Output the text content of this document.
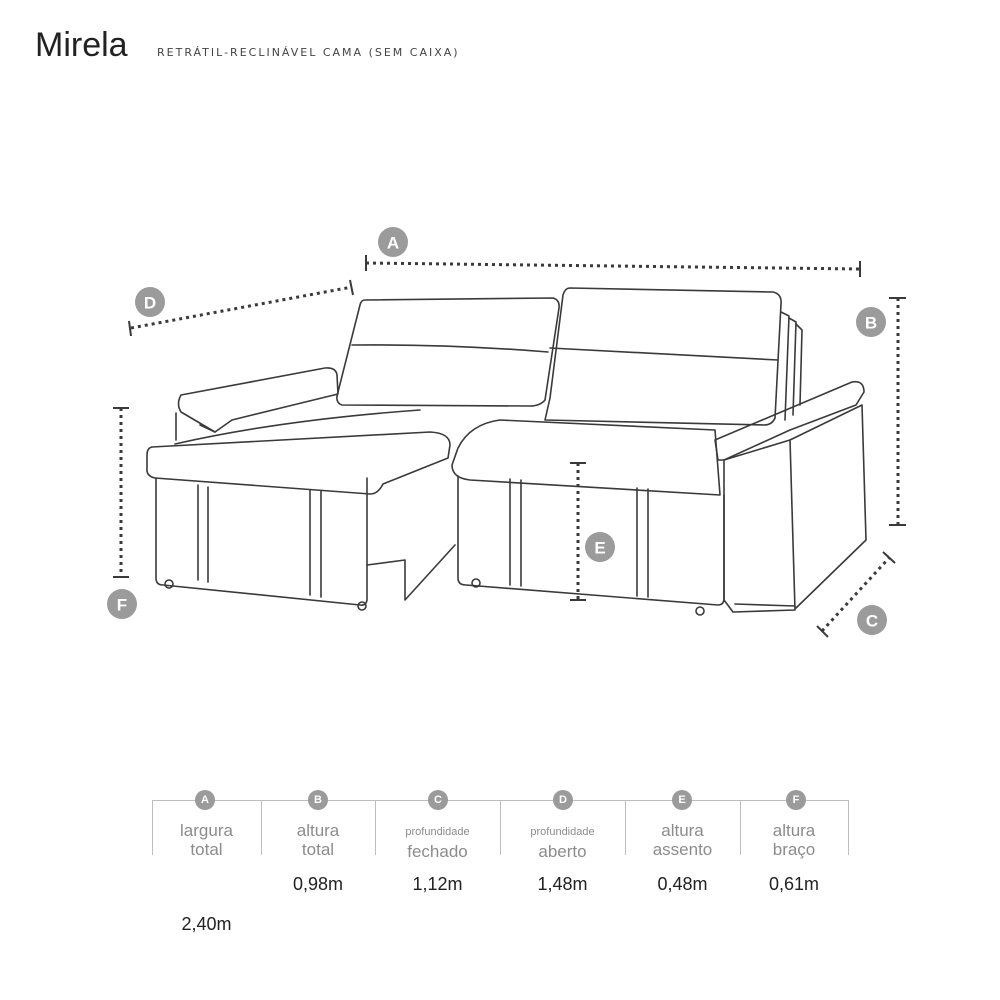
Mirela	RETRÁTIL-RECLINÁVEL CAMA (SEM CAIXA)
A
B
C
D
E
F
A
largura
total
2,40m
B
altura
total
0,98m
C
profundidade
fechado
1,12m
D
profundidade
aberto
1,48m
E
altura
assento
0,48m
F
altura
braço
0,61m
